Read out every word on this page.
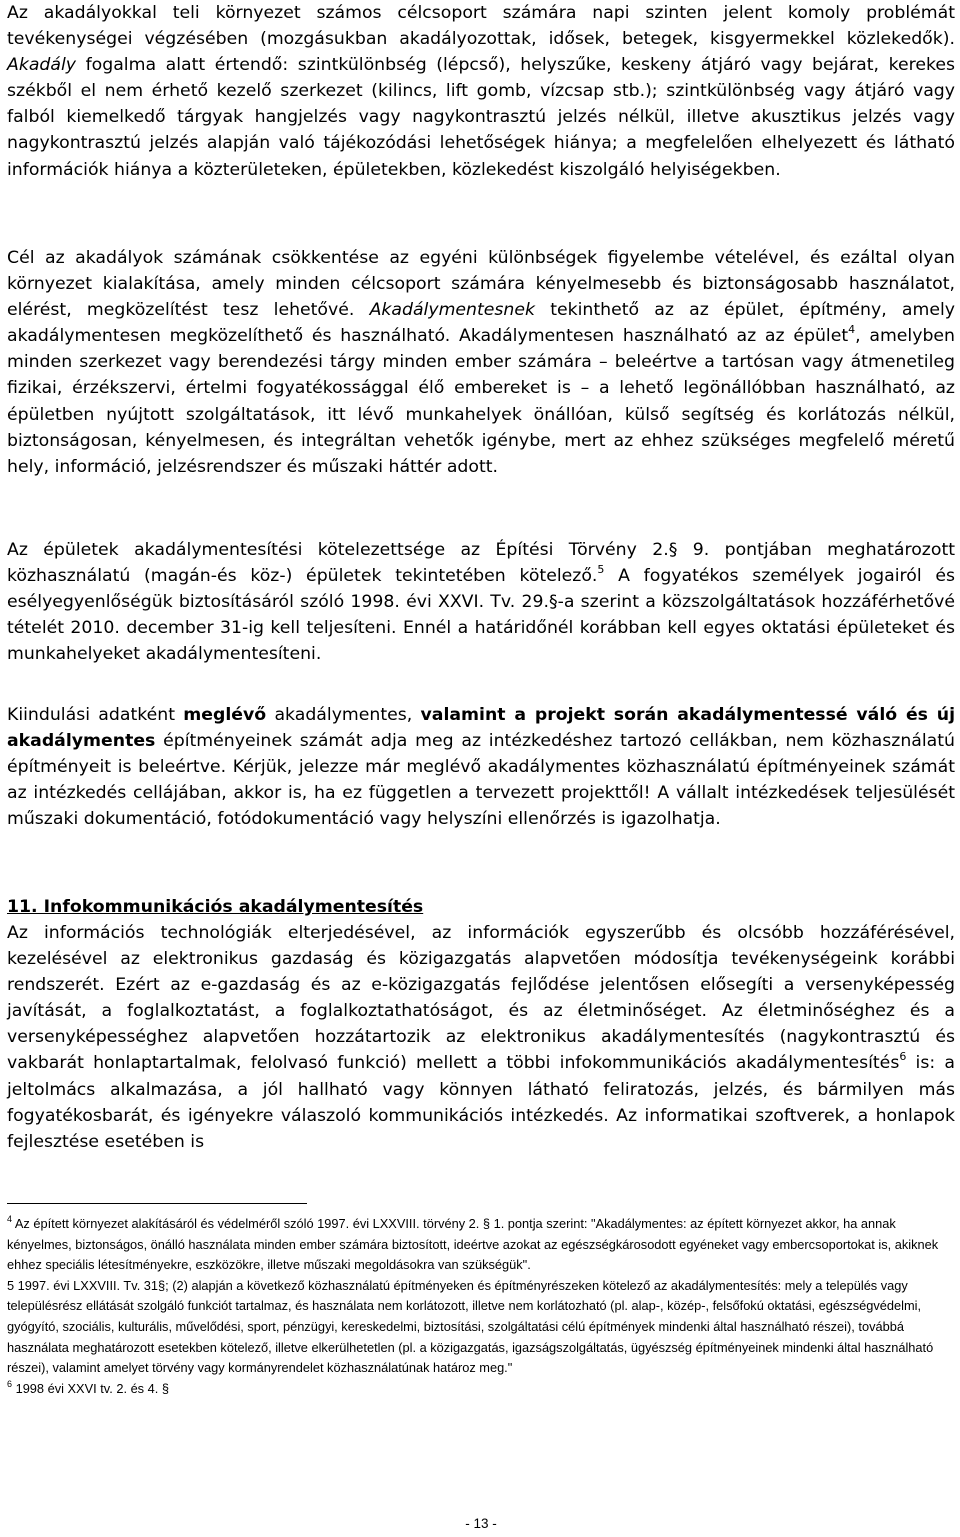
Az akadályokkal teli környezet számos célcsoport számára napi szinten jelent komoly problémát tevékenységei végzésében (mozgásukban akadályozottak, idősek, betegek, kisgyermekkel közlekedők). Akadály fogalma alatt értendő: szintkülönbség (lépcső), helyszűke, keskeny átjáró vagy bejárat, kerekes székből el nem érhető kezelő szerkezet (kilincs, lift gomb, vízcsap stb.); szintkülönbség vagy átjáró vagy falból kiemelkedő tárgyak hangjelzés vagy nagykontrasztú jelzés nélkül, illetve akusztikus jelzés vagy nagykontrasztú jelzés alapján való tájékozódási lehetőségek hiánya; a megfelelően elhelyezett és látható információk hiánya a közterületeken, épületekben, közlekedést kiszolgáló helyiségekben.

Cél az akadályok számának csökkentése az egyéni különbségek figyelembe vételével, és ezáltal olyan környezet kialakítása, amely minden célcsoport számára kényelmesebb és biztonságosabb használatot, elérést, megközelítést tesz lehetővé. Akadálymentesnek tekinthető az az épület, építmény, amely akadálymentesen megközelíthető és használható. Akadálymentesen használható az az épület$^4$, amelyben minden szerkezet vagy berendezési tárgy minden ember számára – beleértve a tartósan vagy átmenetileg fizikai, érzékszervi, értelmi fogyatékossággal élő embereket is – a lehető legönállóbban használható, az épületben nyújtott szolgáltatások, itt lévő munkahelyek önállóan, külső segítség és korlátozás nélkül, biztonságosan, kényelmesen, és integráltan vehetők igénybe, mert az ehhez szükséges megfelelő méretű hely, információ, jelzésrendszer és műszaki háttér adott.

Az épületek akadálymentesítési kötelezettsége az Építési Törvény 2.§ 9. pontjában meghatározott közhasználatú (magán-és köz-) épületek tekintetében kötelező.$^5$ A fogyatékos személyek jogairól és esélyegyenlőségük biztosításáról szóló 1998. évi XXVI. Tv. 29.§-a szerint a közszolgáltatások hozzáférhetővé tételét 2010. december 31-ig kell teljesíteni. Ennél a határidőnél korábban kell egyes oktatási épületeket és munkahelyeket akadálymentesíteni.

Kiindulási adatként meglévő akadálymentes, valamint a projekt során akadálymentessé váló és új akadálymentes építményeinek számát adja meg az intézkedéshez tartozó cellákban, nem közhasználatú építményeit is beleértve. Kérjük, jelezze már meglévő akadálymentes közhasználatú építményeinek számát az intézkedés cellájában, akkor is, ha ez független a tervezett projekttől! A vállalt intézkedések teljesülését műszaki dokumentáció, fotódokumentáció vagy helyszíni ellenőrzés is igazolhatja.

11. Infokommunikációs akadálymentesítés

Az információs technológiák elterjedésével, az információk egyszerűbb és olcsóbb hozzáférésével, kezelésével az elektronikus gazdaság és közigazgatás alapvetően módosítja tevékenységeink korábbi rendszerét. Ezért az e-gazdaság és az e-közigazgatás fejlődése jelentősen elősegíti a versenyképesség javítását, a foglalkoztatást, a foglalkoztathatóságot, és az életminőséget. Az életminőséghez és a versenyképességhez alapvetően hozzátartozik az elektronikus akadálymentesítés (nagykontrasztú és vakbarát honlaptartalmak, felolvasó funkció) mellett a többi infokommunikációs akadálymentesítés$^6$ is: a jeltolmács alkalmazása, a jól hallható vagy könnyen látható feliratozás, jelzés, és bármilyen más fogyatékosbarát, és igényekre válaszoló kommunikációs intézkedés. Az informatikai szoftverek, a honlapok fejlesztése esetében is

$^4$ Az épített környezet alakításáról és védelméről szóló 1997. évi LXXVIII. törvény 2. § 1. pontja szerint: "Akadálymentes: az épített környezet akkor, ha annak kényelmes, biztonságos, önálló használata minden ember számára biztosított, ideértve azokat az egészségkárosodott egyéneket vagy embercsoportokat is, akiknek ehhez speciális létesítményekre, eszközökre, illetve műszaki megoldásokra van szükségük".
5 1997. évi LXXVIII. Tv. 31§; (2) alapján a következő közhasználatú építményeken és építményrészeken kötelező az akadálymentesítés: mely a település vagy településrész ellátását szolgáló funkciót tartalmaz, és használata nem korlátozott, illetve nem korlátozható (pl. alap-, közép-, felsőfokú oktatási, egészségvédelmi, gyógyító, szociális, kulturális, művelődési, sport, pénzügyi, kereskedelmi, biztosítási, szolgáltatási célú építmények mindenki által használható részei), továbbá használata meghatározott esetekben kötelező, illetve elkerülhetetlen (pl. a közigazgatás, igazságszolgáltatás, ügyészség építményeinek mindenki által használható részei), valamint amelyet törvény vagy kormányrendelet közhasználatúnak határoz meg."
$^6$ 1998 évi XXVI tv. 2. és 4. §
- 13 -
